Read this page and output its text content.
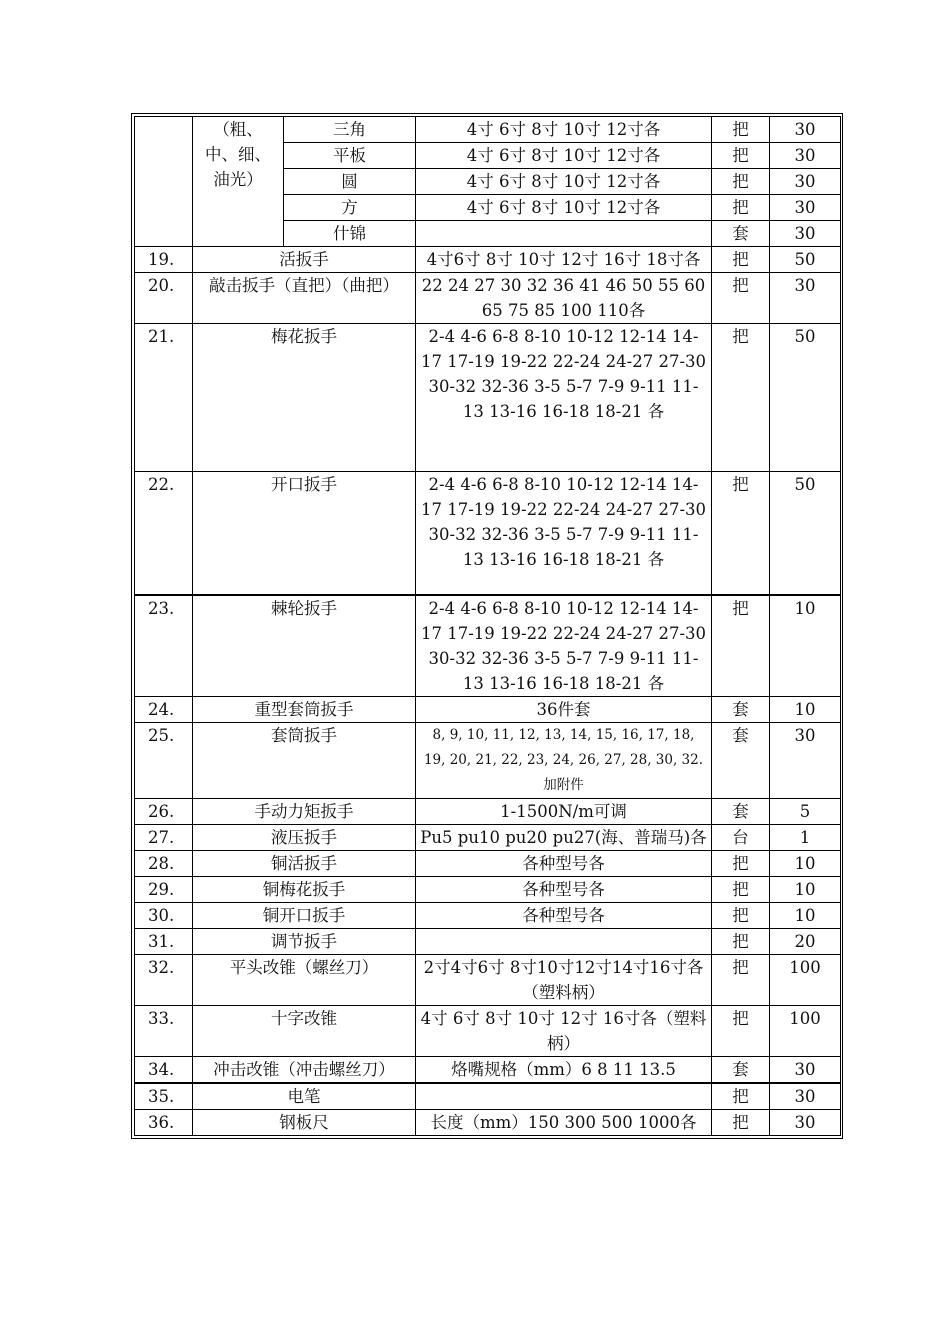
	（粗、中、细、油光）	三角	4寸 6寸 8寸 10寸 12寸各	把	30
		平板	4寸 6寸 8寸 10寸 12寸各	把	30
		圆	4寸 6寸 8寸 10寸 12寸各	把	30
		方	4寸 6寸 8寸 10寸 12寸各	把	30
		什锦		套	30
19.	活扳手		4寸6寸 8寸 10寸 12寸 16寸 18寸各	把	50
20.	敲击扳手（直把）（曲把）		22 24 27 30 32 36 41 46 50 55 60 65 75 85 100 110各	把	30
21.	梅花扳手		2-4 4-6 6-8 8-10 10-12 12-14 14-17 17-19 19-22 22-24 24-27 27-30 30-32 32-36 3-5 5-7 7-9 9-11 11-13 13-16 16-18 18-21 各	把	50
22.	开口扳手		2-4 4-6 6-8 8-10 10-12 12-14 14-17 17-19 19-22 22-24 24-27 27-30 30-32 32-36 3-5 5-7 7-9 9-11 11-13 13-16 16-18 18-21 各	把	50
23.	棘轮扳手		2-4 4-6 6-8 8-10 10-12 12-14 14-17 17-19 19-22 22-24 24-27 27-30 30-32 32-36 3-5 5-7 7-9 9-11 11-13 13-16 16-18 18-21 各	把	10
24.	重型套筒扳手		36件套	套	10
25.	套筒扳手		8, 9, 10, 11, 12, 13, 14, 15, 16, 17, 18, 19, 20, 21, 22, 23, 24, 26, 27, 28, 30, 32. 加附件	套	30
26.	手动力矩扳手		1-1500N/m可调	套	5
27.	液压扳手		Pu5 pu10 pu20 pu27(海、普瑞马)各	台	1
28.	铜活扳手		各种型号各	把	10
29.	铜梅花扳手		各种型号各	把	10
30.	铜开口扳手		各种型号各	把	10
31.	调节扳手			把	20
32.	平头改锥（螺丝刀）		2寸4寸6寸 8寸10寸12寸14寸16寸各（塑料柄）	把	100
33.	十字改锥		4寸 6寸 8寸 10寸 12寸 16寸各（塑料柄）	把	100
34.	冲击改锥（冲击螺丝刀）		烙嘴规格（mm）6 8 11 13.5	套	30
35.	电笔			把	30
36.	钢板尺		长度（mm）150 300 500 1000各	把	30
